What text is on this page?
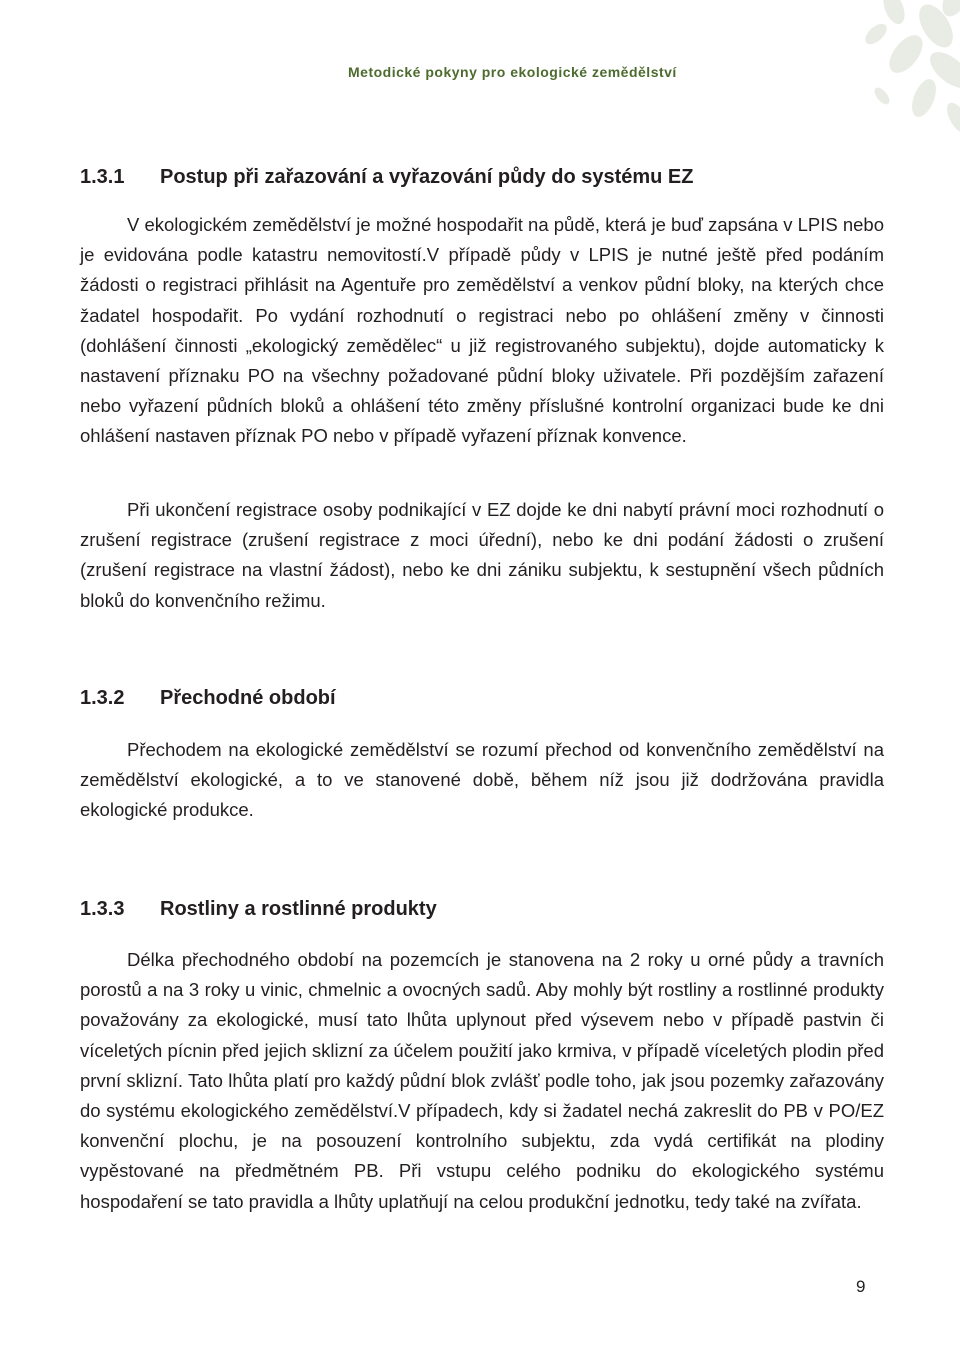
Metodické pokyny pro ekologické zemědělství
1.3.1 Postup při zařazování a vyřazování půdy do systému EZ

V ekologickém zemědělství je možné hospodařit na půdě, která je buď zapsána v LPIS nebo je evidována podle katastru nemovitostí.V případě půdy v LPIS je nutné ještě před podáním žádosti o registraci přihlásit na Agentuře pro zemědělství a venkov půdní bloky, na kterých chce žadatel hospodařit. Po vydání rozhodnutí o registraci nebo po ohlášení změny v činnosti (dohlášení činnosti „ekologický zemědělec“ u již registrovaného subjektu), dojde automaticky k nastavení příznaku PO na všechny požadované půdní bloky uživatele. Při pozdějším zařazení nebo vyřazení půdních bloků a ohlášení této změny příslušné kontrolní organizaci bude ke dni ohlášení nastaven příznak PO nebo v případě vyřazení příznak konvence.

Při ukončení registrace osoby podnikající v EZ dojde ke dni nabytí právní moci rozhodnutí o zrušení registrace (zrušení registrace z moci úřední), nebo ke dni podání žádosti o zrušení (zrušení registrace na vlastní žádost), nebo ke dni zániku subjektu, k sestupnění všech půdních bloků do konvenčního režimu.

1.3.2 Přechodné období

Přechodem na ekologické zemědělství se rozumí přechod od konvenčního zemědělství na zemědělství ekologické, a to ve stanovené době, během níž jsou již dodržována pravidla ekologické produkce.

1.3.3 Rostliny a rostlinné produkty

Délka přechodného období na pozemcích je stanovena na 2 roky u orné půdy a travních porostů a na 3 roky u vinic, chmelnic a ovocných sadů. Aby mohly být rostliny a rostlinné produkty považovány za ekologické, musí tato lhůta uplynout před výsevem nebo v případě pastvin či víceletých pícnin před jejich sklizní za účelem použití jako krmiva, v případě víceletých plodin před první sklizní. Tato lhůta platí pro každý půdní blok zvlášť podle toho, jak jsou pozemky zařazovány do systému ekologického zemědělství.V případech, kdy si žadatel nechá zakreslit do PB v PO/EZ konvenční plochu, je na posouzení kontrolního subjektu, zda vydá certifikát na plodiny vypěstované na předmětném PB. Při vstupu celého podniku do ekologického systému hospodaření se tato pravidla a lhůty uplatňují na celou produkční jednotku, tedy také na zvířata.

9
